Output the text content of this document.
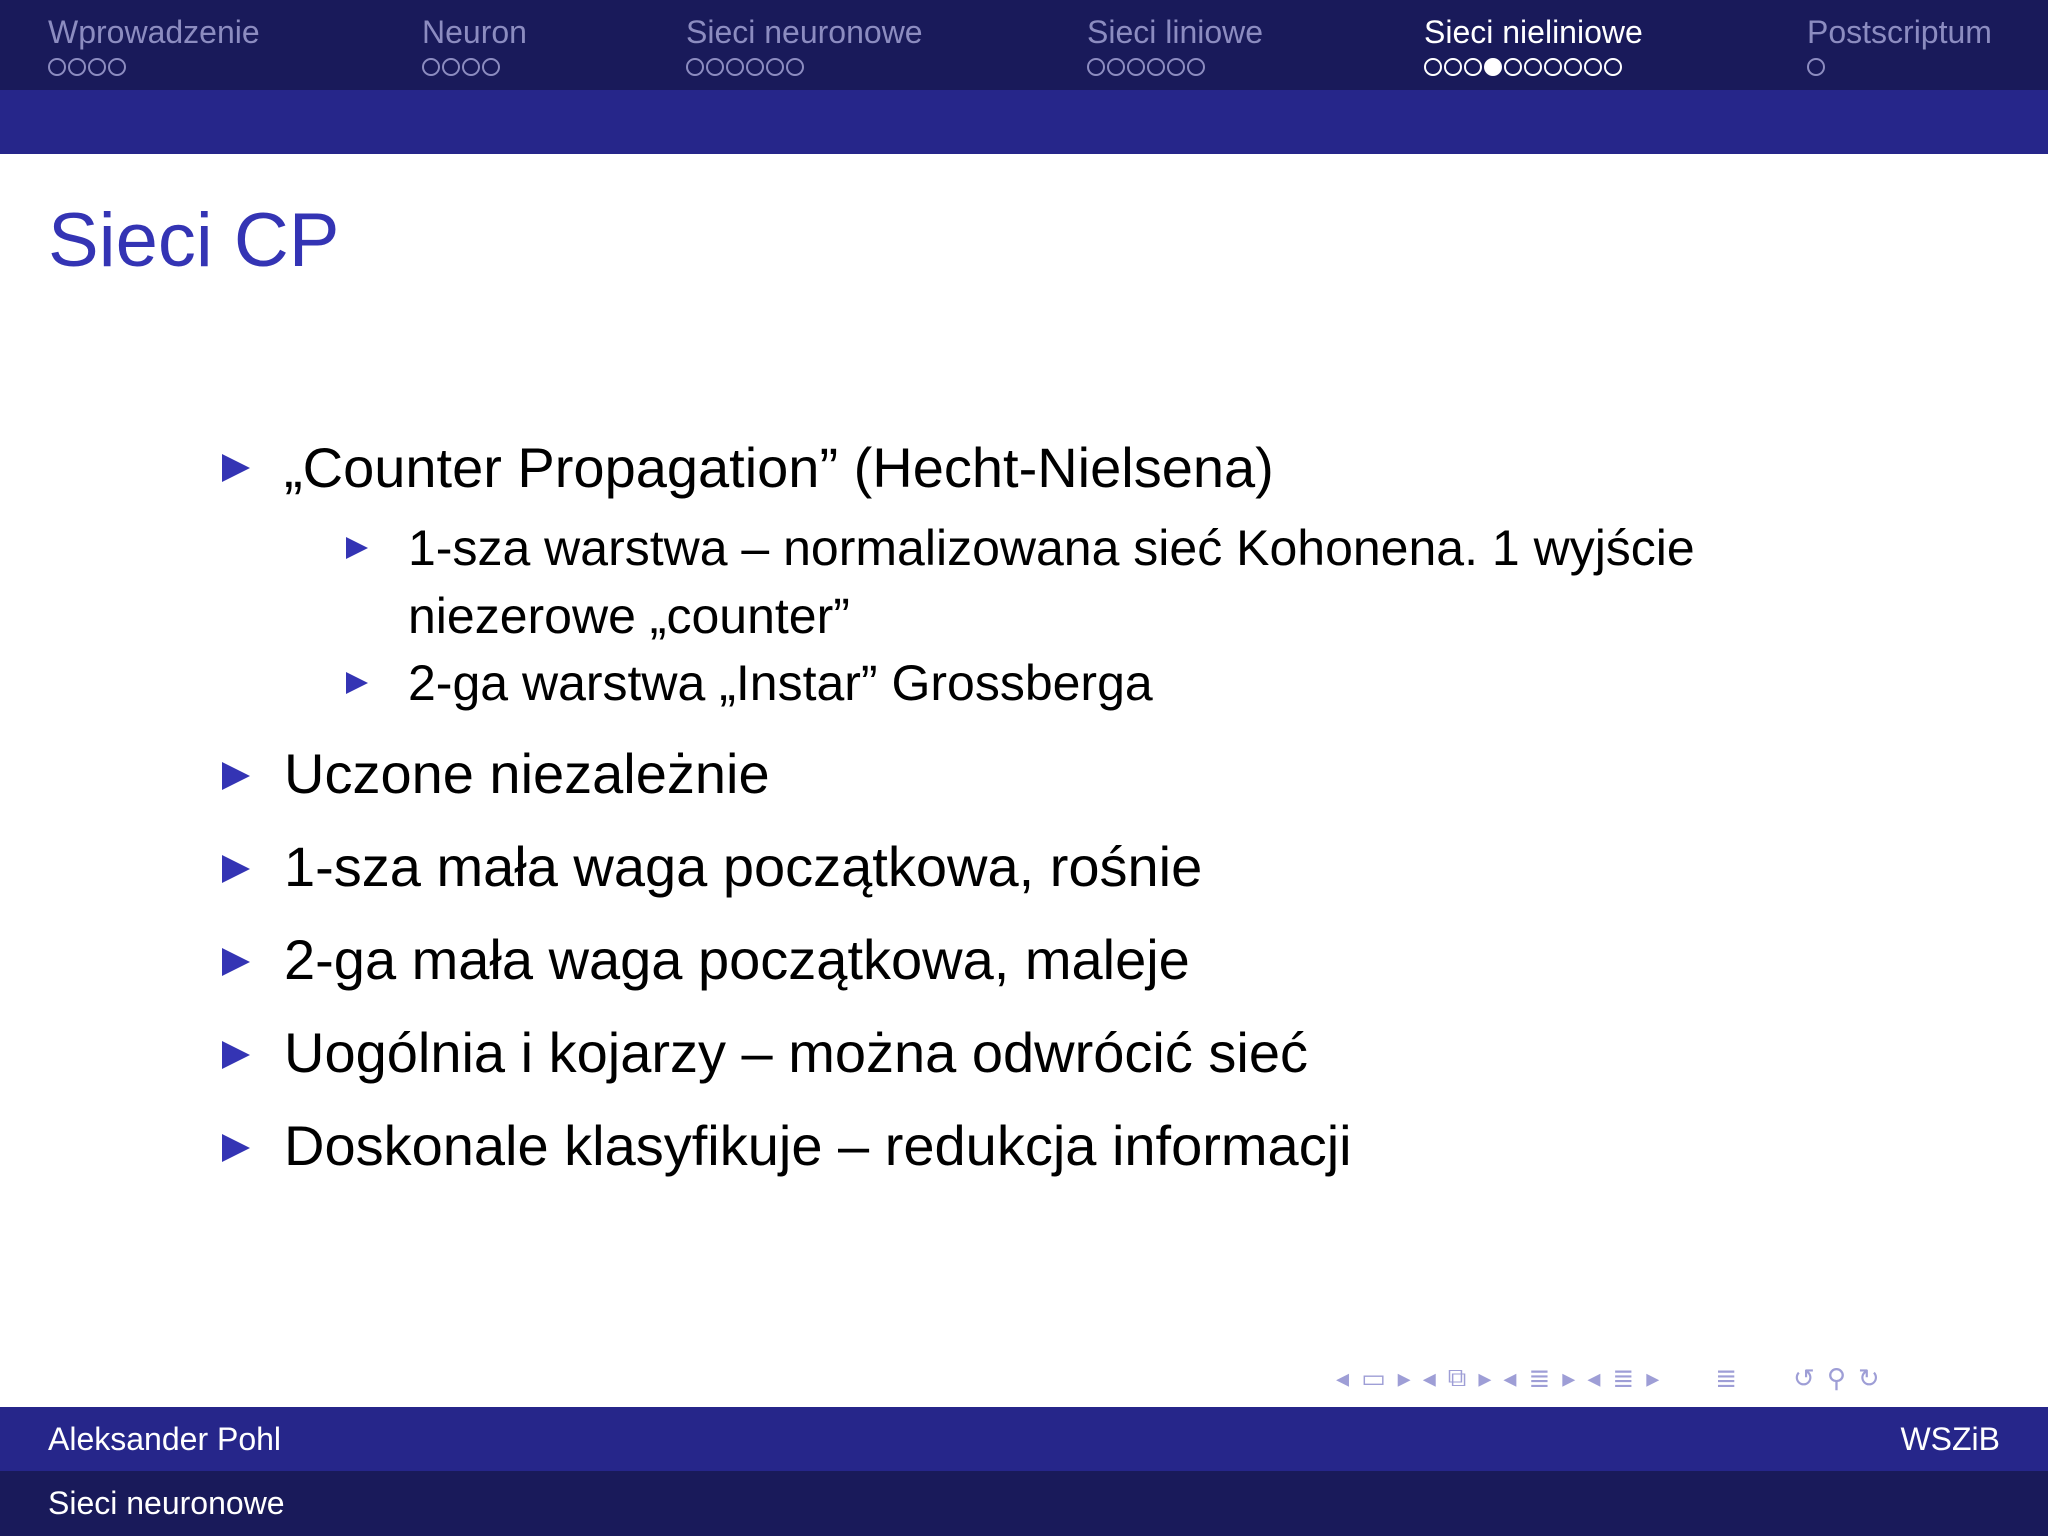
Wprowadzenie	Neuron	Sieci neuronowe	Sieci liniowe	Sieci nieliniowe	Postscriptum
Sieci CP
„Counter Propagation” (Hecht-Nielsena)
1-sza warstwa – normalizowana sieć Kohonena. 1 wyjście
niezerowe „counter”
2-ga warstwa „Instar” Grossberga
Uczone niezależnie
1-sza mała waga początkowa, rośnie
2-ga mała waga początkowa, maleje
Uogólnia i kojarzy – można odwrócić sieć
Doskonale klasyfikuje – redukcja informacji
◂ ▭ ▸ ◂ ⧉ ▸ ◂ ≣ ▸ ◂ ≣ ▸ ≣ ↺ ⚲ ↻
Aleksander Pohl	WSZiB
Sieci neuronowe
